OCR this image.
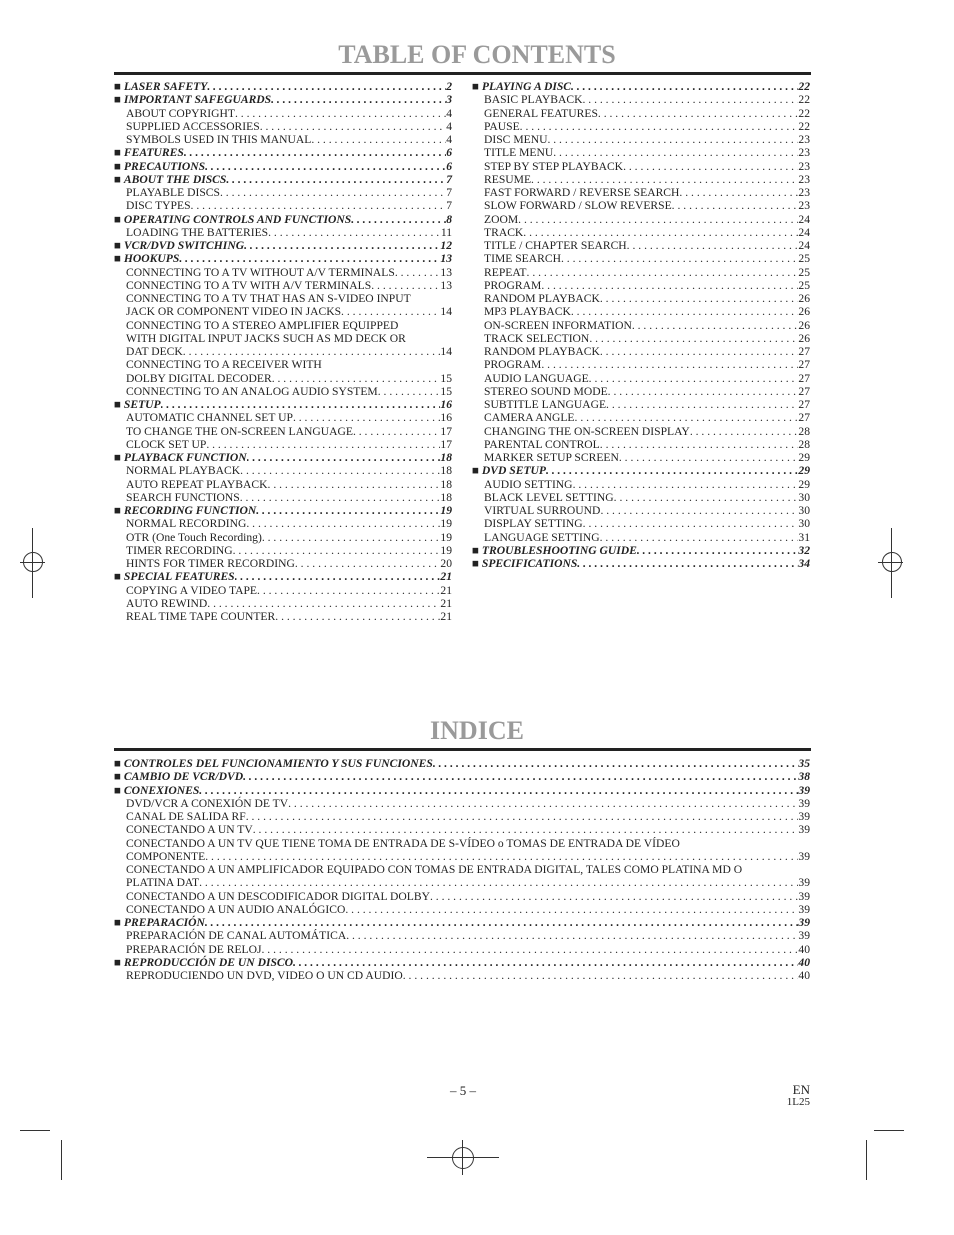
TABLE OF CONTENTS
■ LASER SAFETY . . .	2
■ IMPORTANT SAFEGUARDS . . .	3
ABOUT COPYRIGHT . . .	4
SUPPLIED ACCESSORIES . . .	4
SYMBOLS USED IN THIS MANUAL . . .	4
■ FEATURES . . .	6
■ PRECAUTIONS . . .	6
■ ABOUT THE DISCS . . .	7
PLAYABLE DISCS . . .	7
DISC TYPES . . .	7
■ OPERATING CONTROLS AND FUNCTIONS . . .	8
LOADING THE BATTERIES . . .	11
■ VCR/DVD SWITCHING . . .	12
■ HOOKUPS . . .	13
CONNECTING TO A TV WITHOUT A/V TERMINALS . . .	13
CONNECTING TO A TV WITH A/V TERMINALS . . .	13
CONNECTING TO A TV THAT HAS AN S-VIDEO INPUT
JACK OR COMPONENT VIDEO IN JACKS . . .	14
CONNECTING TO A STEREO AMPLIFIER EQUIPPED
WITH DIGITAL INPUT JACKS SUCH AS MD DECK OR
DAT DECK . . .	14
CONNECTING TO A RECEIVER WITH
DOLBY DIGITAL DECODER . . .	15
CONNECTING TO AN ANALOG AUDIO SYSTEM . . .	15
■ SETUP . . .	16
AUTOMATIC CHANNEL SET UP . . .	16
TO CHANGE THE ON-SCREEN LANGUAGE . . .	17
CLOCK SET UP . . .	17
■ PLAYBACK FUNCTION . . .	18
NORMAL PLAYBACK . . .	18
AUTO REPEAT PLAYBACK . . .	18
SEARCH FUNCTIONS . . .	18
■ RECORDING FUNCTION . . .	19
NORMAL RECORDING . . .	19
OTR (One Touch Recording) . . .	19
TIMER RECORDING . . .	19
HINTS FOR TIMER RECORDING . . .	20
■ SPECIAL FEATURES . . .	21
COPYING A VIDEO TAPE . . .	21
AUTO REWIND . . .	21
REAL TIME TAPE COUNTER . . .	21
■ PLAYING A DISC . . .	22
BASIC PLAYBACK . . .	22
GENERAL FEATURES . . .	22
PAUSE . . .	22
DISC MENU . . .	23
TITLE MENU . . .	23
STEP BY STEP PLAYBACK . . .	23
RESUME . . .	23
FAST FORWARD / REVERSE SEARCH . . .	23
SLOW FORWARD / SLOW REVERSE . . .	23
ZOOM . . .	24
TRACK . . .	24
TITLE / CHAPTER SEARCH . . .	24
TIME SEARCH . . .	25
REPEAT . . .	25
PROGRAM . . .	25
RANDOM PLAYBACK . . .	26
MP3 PLAYBACK . . .	26
ON-SCREEN INFORMATION . . .	26
TRACK SELECTION . . .	26
RANDOM PLAYBACK . . .	27
PROGRAM . . .	27
AUDIO LANGUAGE . . .	27
STEREO SOUND MODE . . .	27
SUBTITLE LANGUAGE . . .	27
CAMERA ANGLE . . .	27
CHANGING THE ON-SCREEN DISPLAY . . .	28
PARENTAL CONTROL . . .	28
MARKER SETUP SCREEN . . .	29
■ DVD SETUP . . .	29
AUDIO SETTING . . .	29
BLACK LEVEL SETTING . . .	30
VIRTUAL SURROUND . . .	30
DISPLAY SETTING . . .	30
LANGUAGE SETTING . . .	31
■ TROUBLESHOOTING GUIDE . . .	32
■ SPECIFICATIONS . . .	34
INDICE
■ CONTROLES DEL FUNCIONAMIENTO Y SUS FUNCIONES . . .	35
■ CAMBIO DE VCR/DVD . . .	38
■ CONEXIONES . . .	39
DVD/VCR A CONEXIÓN DE TV . . .	39
CANAL DE SALIDA RF . . .	39
CONECTANDO A UN TV . . .	39
CONECTANDO A UN TV QUE TIENE TOMA DE ENTRADA DE S-VÍDEO o TOMAS DE ENTRADA DE VÍDEO
COMPONENTE . . .	39
CONECTANDO A UN AMPLIFICADOR EQUIPADO CON TOMAS DE ENTRADA DIGITAL, TALES COMO PLATINA MD O
PLATINA DAT . . .	39
CONECTANDO A UN DESCODIFICADOR DIGITAL DOLBY . . .	39
CONECTANDO A UN AUDIO ANALÓGICO . . .	39
■ PREPARACIÓN . . .	39
PREPARACIÓN DE CANAL AUTOMÁTICA . . .	39
PREPARACIÓN DE RELOJ . . .	40
■ REPRODUCCIÓN DE UN DISCO . . .	40
REPRODUCIENDO UN DVD, VIDEO O UN CD AUDIO . . .	40
– 5 –	EN
1L25
